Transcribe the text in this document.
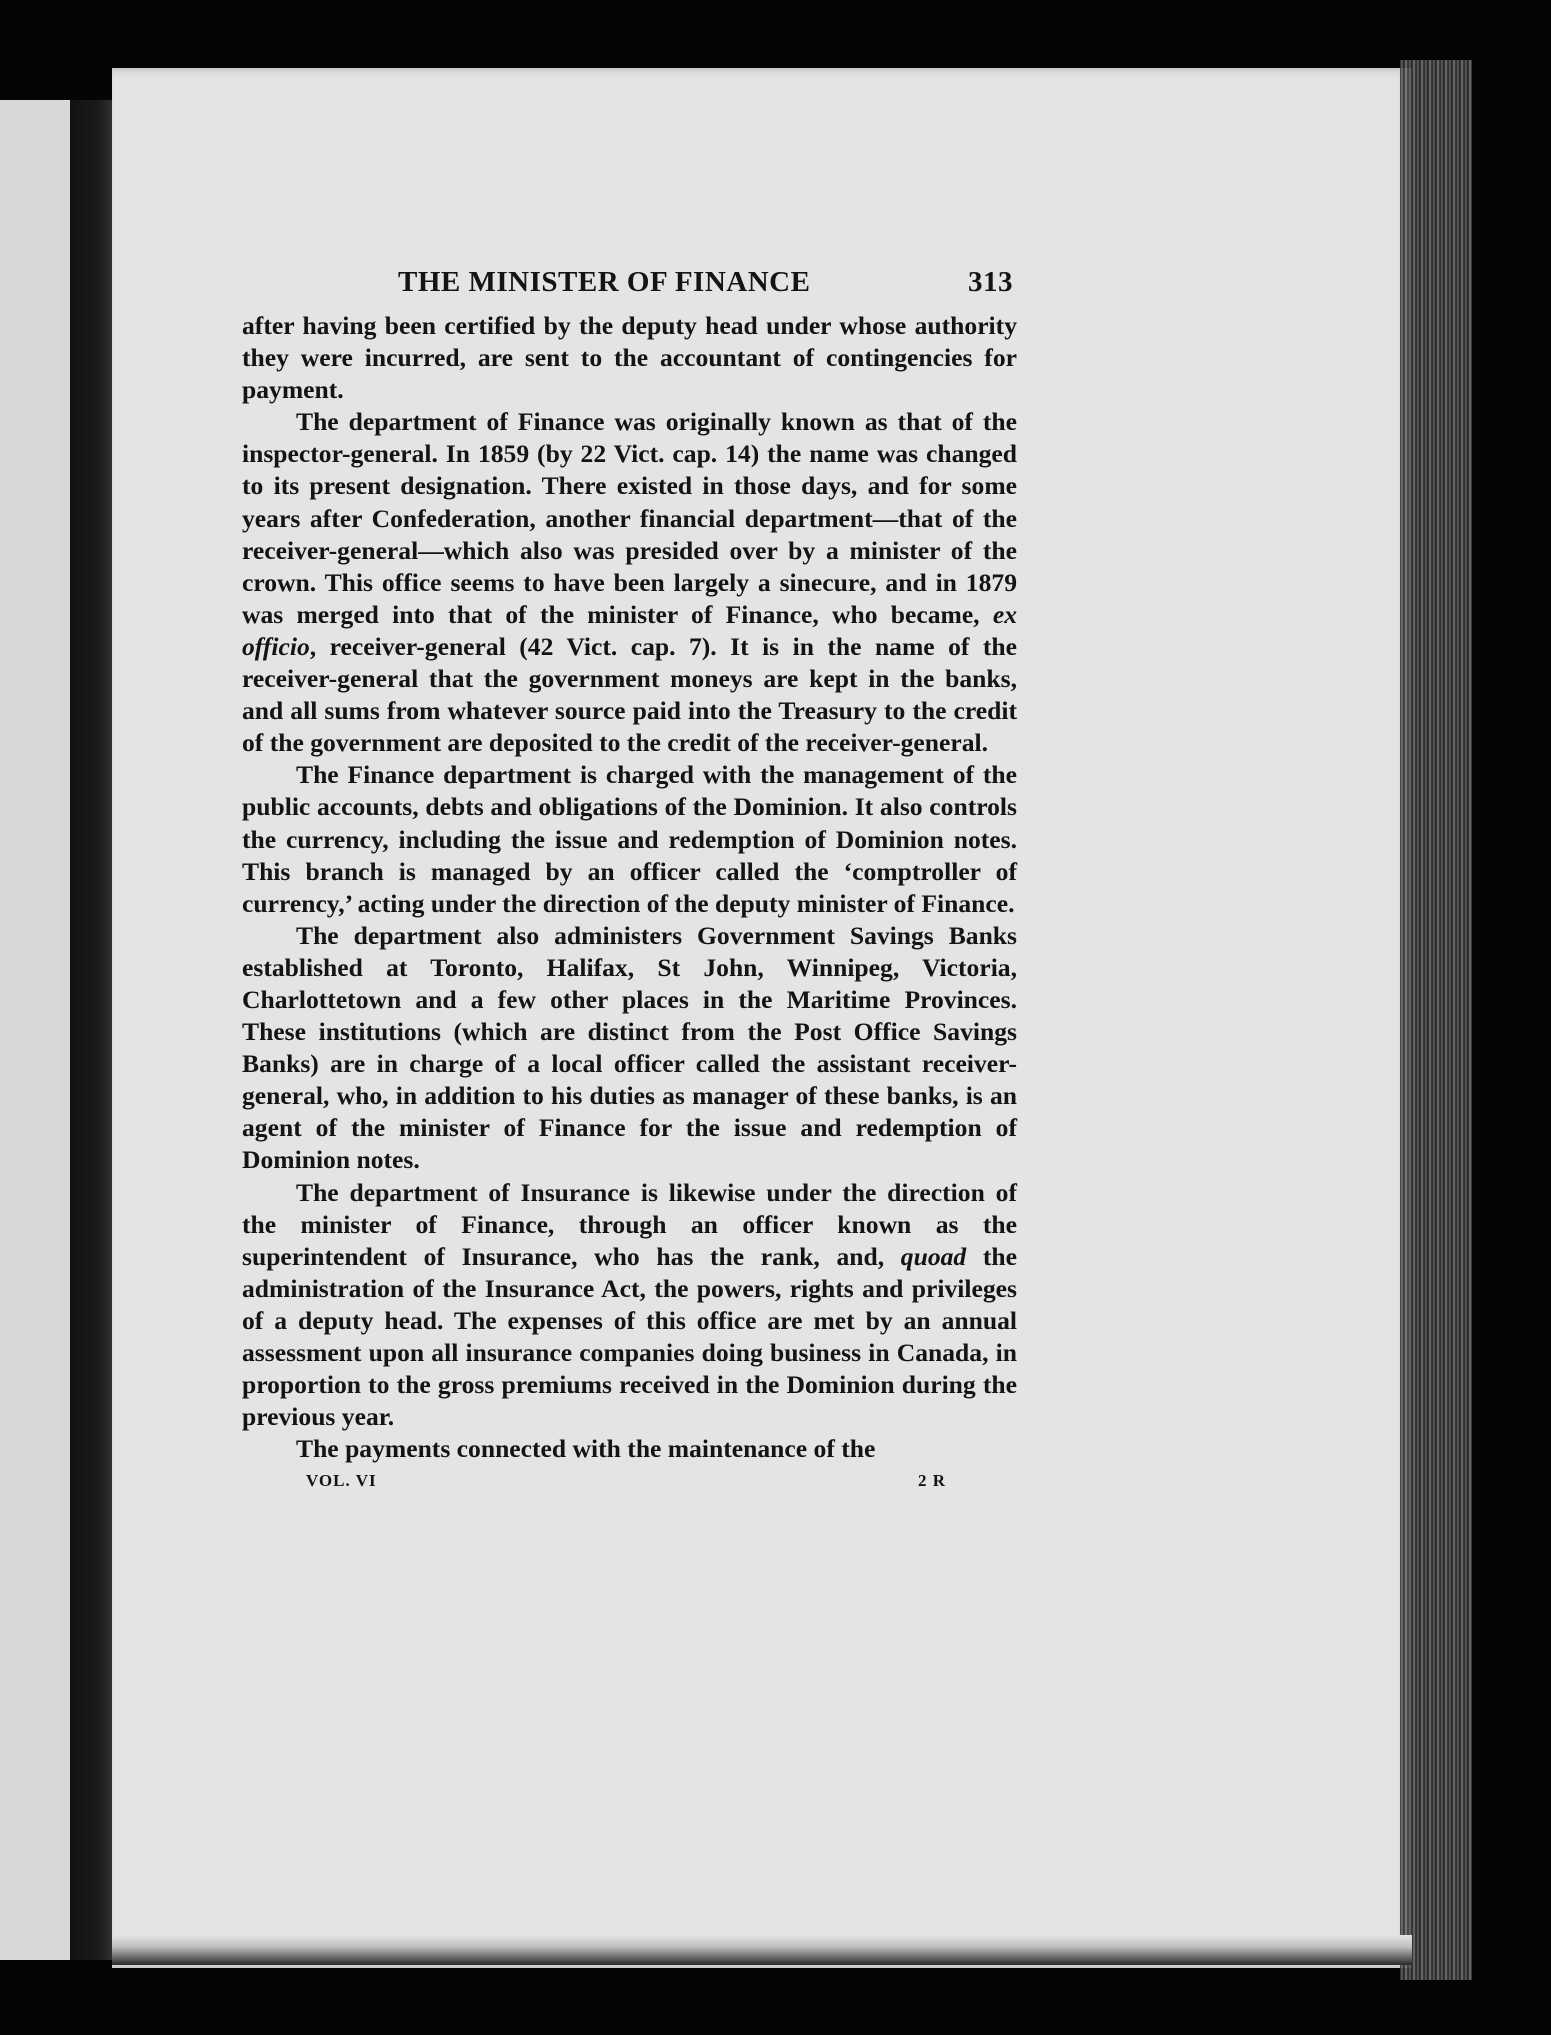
THE MINISTER OF FINANCE	313

after having been certified by the deputy head under whose authority they were incurred, are sent to the accountant of contingencies for payment.

The department of Finance was originally known as that of the inspector-general. In 1859 (by 22 Vict. cap. 14) the name was changed to its present designation. There existed in those days, and for some years after Confederation, another financial department—that of the receiver-general—which also was presided over by a minister of the crown. This office seems to have been largely a sinecure, and in 1879 was merged into that of the minister of Finance, who became, ex officio, receiver-general (42 Vict. cap. 7). It is in the name of the receiver-general that the government moneys are kept in the banks, and all sums from whatever source paid into the Treasury to the credit of the government are deposited to the credit of the receiver-general.

The Finance department is charged with the management of the public accounts, debts and obligations of the Dominion. It also controls the currency, including the issue and redemption of Dominion notes. This branch is managed by an officer called the ‘comptroller of currency,’ acting under the direction of the deputy minister of Finance.

The department also administers Government Savings Banks established at Toronto, Halifax, St John, Winnipeg, Victoria, Charlottetown and a few other places in the Maritime Provinces. These institutions (which are distinct from the Post Office Savings Banks) are in charge of a local officer called the assistant receiver-general, who, in addition to his duties as manager of these banks, is an agent of the minister of Finance for the issue and redemption of Dominion notes.

The department of Insurance is likewise under the direction of the minister of Finance, through an officer known as the superintendent of Insurance, who has the rank, and, quoad the administration of the Insurance Act, the powers, rights and privileges of a deputy head. The expenses of this office are met by an annual assessment upon all insurance companies doing business in Canada, in proportion to the gross premiums received in the Dominion during the previous year.

The payments connected with the maintenance of the

VOL. VI	2 R
